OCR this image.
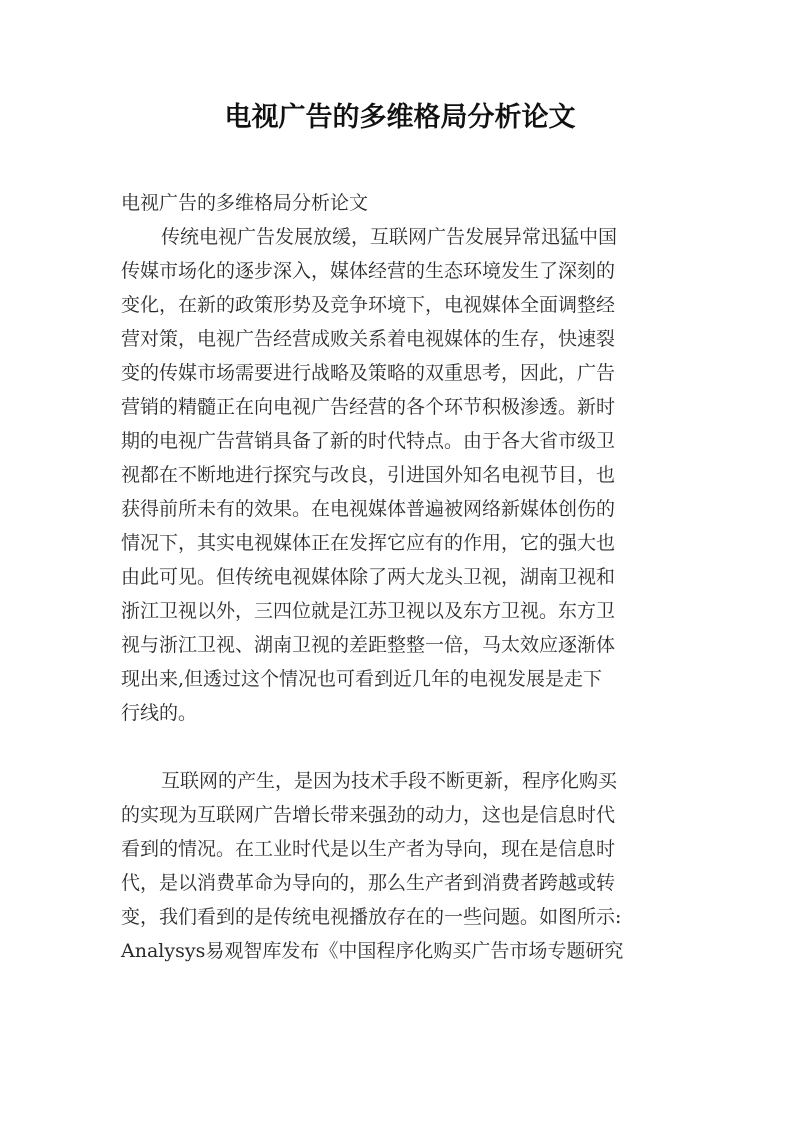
电视广告的多维格局分析论文

电视广告的多维格局分析论文

传统电视广告发展放缓，互联网广告发展异常迅猛中国
传媒市场化的逐步深入，媒体经营的生态环境发生了深刻的
变化，在新的政策形势及竞争环境下，电视媒体全面调整经
营对策，电视广告经营成败关系着电视媒体的生存，快速裂
变的传媒市场需要进行战略及策略的双重思考，因此，广告
营销的精髓正在向电视广告经营的各个环节积极渗透。新时
期的电视广告营销具备了新的时代特点。由于各大省市级卫
视都在不断地进行探究与改良，引进国外知名电视节目，也
获得前所未有的效果。在电视媒体普遍被网络新媒体创伤的
情况下，其实电视媒体正在发挥它应有的作用，它的强大也
由此可见。但传统电视媒体除了两大龙头卫视，湖南卫视和
浙江卫视以外，三四位就是江苏卫视以及东方卫视。东方卫
视与浙江卫视、湖南卫视的差距整整一倍，马太效应逐渐体
现出来,但透过这个情况也可看到近几年的电视发展是走下
行线的。
互联网的产生，是因为技术手段不断更新，程序化购买
的实现为互联网广告增长带来强劲的动力，这也是信息时代
看到的情况。在工业时代是以生产者为导向，现在是信息时
代，是以消费革命为导向的，那么生产者到消费者跨越或转
变，我们看到的是传统电视播放存在的一些问题。如图所示:
Analysys易观智库发布《中国程序化购买广告市场专题研究
